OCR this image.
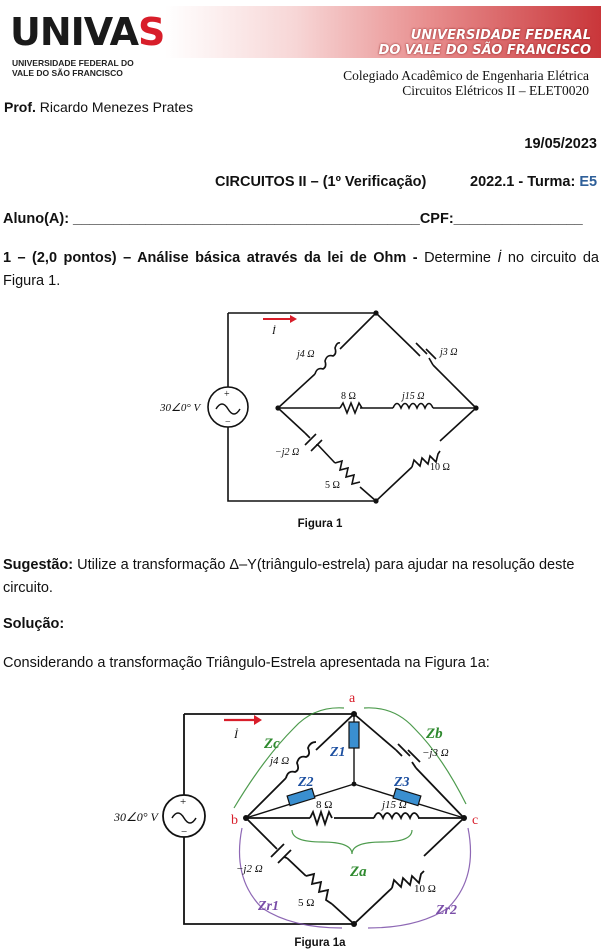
UNIVAS
UNIVERSIDADE FEDERAL DO
VALE DO SÃO FRANCISCO
UNIVERSIDADE FEDERAL
DO VALE DO SÃO FRANCISCO
Colegiado Acadêmico de Engenharia Elétrica
Circuitos Elétricos II – ELET0020
Prof. Ricardo Menezes Prates
19/05/2023
CIRCUITOS II – (1º Verificação)	2022.1 - Turma: E5
Aluno(A): ___________________________________________CPF:________________
1 – (2,0 pontos) – Análise básica através da lei de Ohm - Determine İ no circuito da Figura 1.
+
−
30∠0° V
İ
j4 Ω	j3 Ω
8 Ω	j15 Ω
−j2 Ω
10 Ω
5 Ω
Figura 1
Sugestão: Utilize a transformação Δ–Y(triângulo-estrela) para ajudar na resolução deste circuito.
Solução:
Considerando a transformação Triângulo-Estrela apresentada na Figura 1a:
+
−
30∠0° V
İ
a
b	c
j4 Ω
−j3 Ω
8 Ω	j15 Ω
−j2 Ω
10 Ω
5 Ω
Zc
Zb
Za
Z1
Z2	Z3
Zr1	Zr2
Figura 1a
